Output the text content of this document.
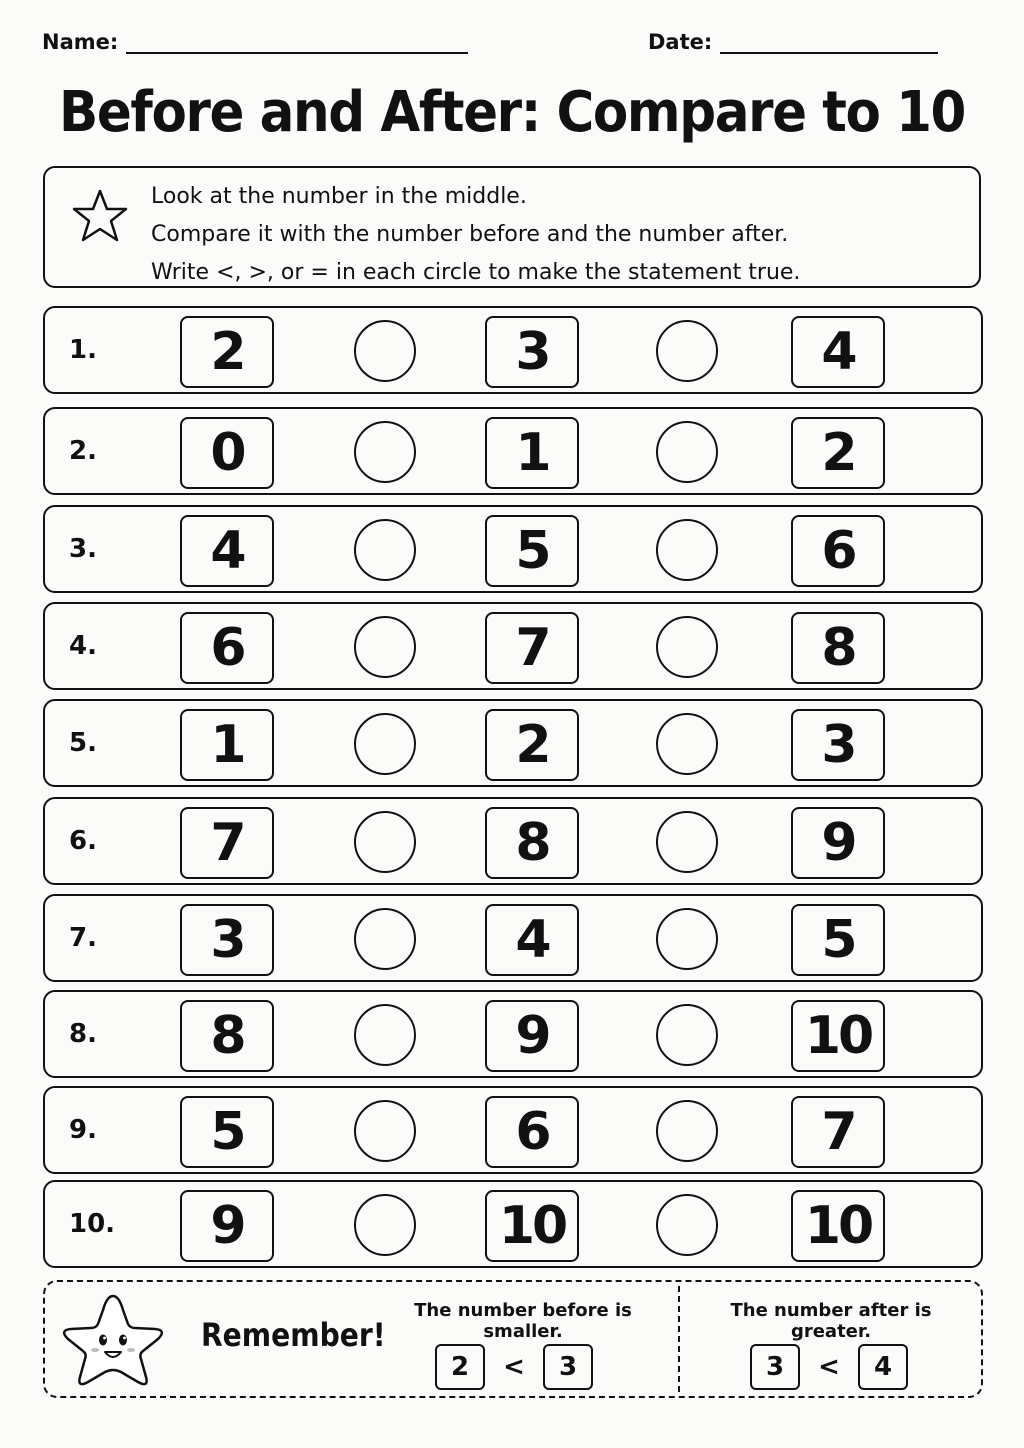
Name:	Date:
Before and After: Compare to 10
Look at the number in the middle.
Compare it with the number before and the number after.
Write <, >, or = in each circle to make the statement true.
1.	2	3	4
2.	0	1	2
3.	4	5	6
4.	6	7	8
5.	1	2	3
6.	7	8	9
7.	3	4	5
8.	8	9	10
9.	5	6	7
10.	9	10	10
Remember!
The number before is smaller.
2	<	3
The number after is greater.
3	<	4
